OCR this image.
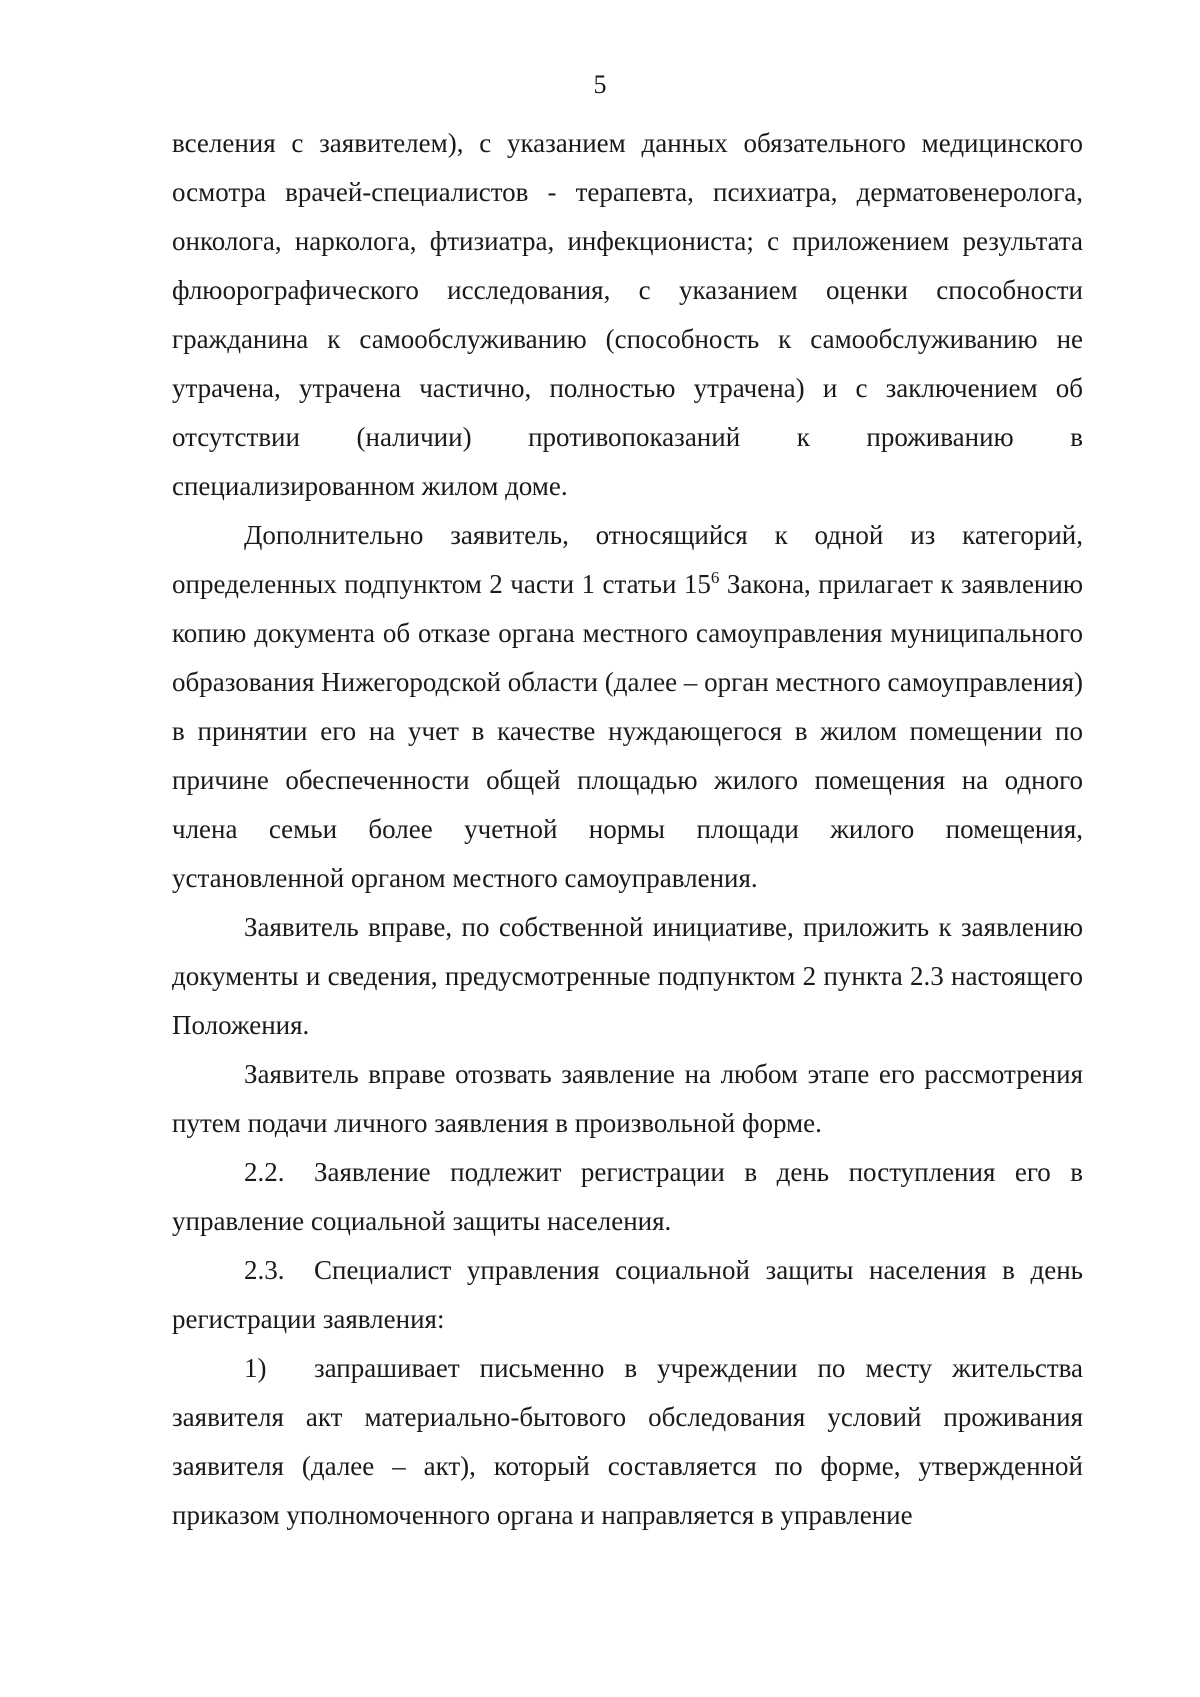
5

вселения с заявителем), с указанием данных обязательного медицинского осмотра врачей-специалистов - терапевта, психиатра, дерматовенеролога, онколога, нарколога, фтизиатра, инфекциониста; с приложением результата флюорографического исследования, с указанием оценки способности гражданина к самообслуживанию (способность к самообслуживанию не утрачена, утрачена частично, полностью утрачена) и с заключением об отсутствии (наличии) противопоказаний к проживанию в специализированном жилом доме.

Дополнительно заявитель, относящийся к одной из категорий, определенных подпунктом 2 части 1 статьи $15^6$ Закона, прилагает к заявлению копию документа об отказе органа местного самоуправления муниципального образования Нижегородской области (далее – орган местного самоуправления) в принятии его на учет в качестве нуждающегося в жилом помещении по причине обеспеченности общей площадью жилого помещения на одного члена семьи более учетной нормы площади жилого помещения, установленной органом местного самоуправления.

Заявитель вправе, по собственной инициативе, приложить к заявлению документы и сведения, предусмотренные подпунктом 2 пункта 2.3 настоящего Положения.

Заявитель вправе отозвать заявление на любом этапе его рассмотрения путем подачи личного заявления в произвольной форме.

2.2. Заявление подлежит регистрации в день поступления его в управление социальной защиты населения.

2.3. Специалист управления социальной защиты населения в день регистрации заявления:

1) запрашивает письменно в учреждении по месту жительства заявителя акт материально-бытового обследования условий проживания заявителя (далее – акт), который составляется по форме, утвержденной приказом уполномоченного органа и направляется в управление
